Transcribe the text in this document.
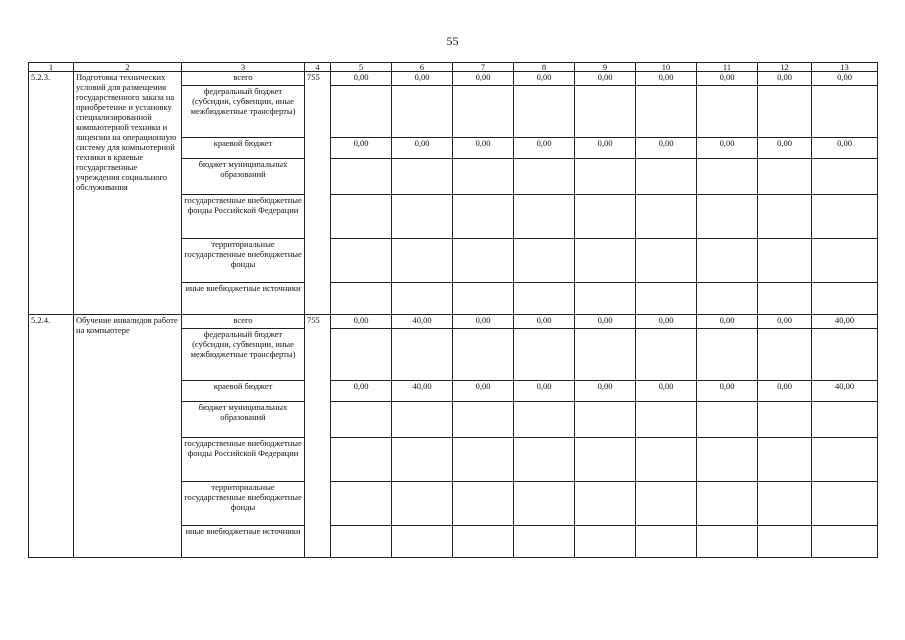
55
1	2	3	4	5	6	7	8	9	10	11	12	13
5.2.3.	Подготовка технических условий для размещения государственного заказа на приобретение и установку специализированной компьютерной техники и лицензии на операционную систему для компьютерной техники в краевые государственные учреждения социального обслуживания	всего	755	0,00	0,00	0,00	0,00	0,00	0,00	0,00	0,00	0,00
		федеральный бюджет (субсидии, субвенции, иные межбюджетные трансферты)										
		краевой бюджет		0,00	0,00	0,00	0,00	0,00	0,00	0,00	0,00	0,00
		бюджет муниципальных образований										
		государственные внебюджетные фонды Российской Федерации										
		территориальные государственные внебюджетные фонды										
		иные внебюджетные источники										
5.2.4.	Обучение инвалидов работе на компьютере	всего	755	0,00	40,00	0,00	0,00	0,00	0,00	0,00	0,00	40,00
		федеральный бюджет (субсидии, субвенции, иные межбюджетные трансферты)										
		краевой бюджет		0,00	40,00	0,00	0,00	0,00	0,00	0,00	0,00	40,00
		бюджет муниципальных образований										
		государственные внебюджетные фонды Российской Федерации										
		территориальные государственные внебюджетные фонды										
		иные внебюджетные источники										
